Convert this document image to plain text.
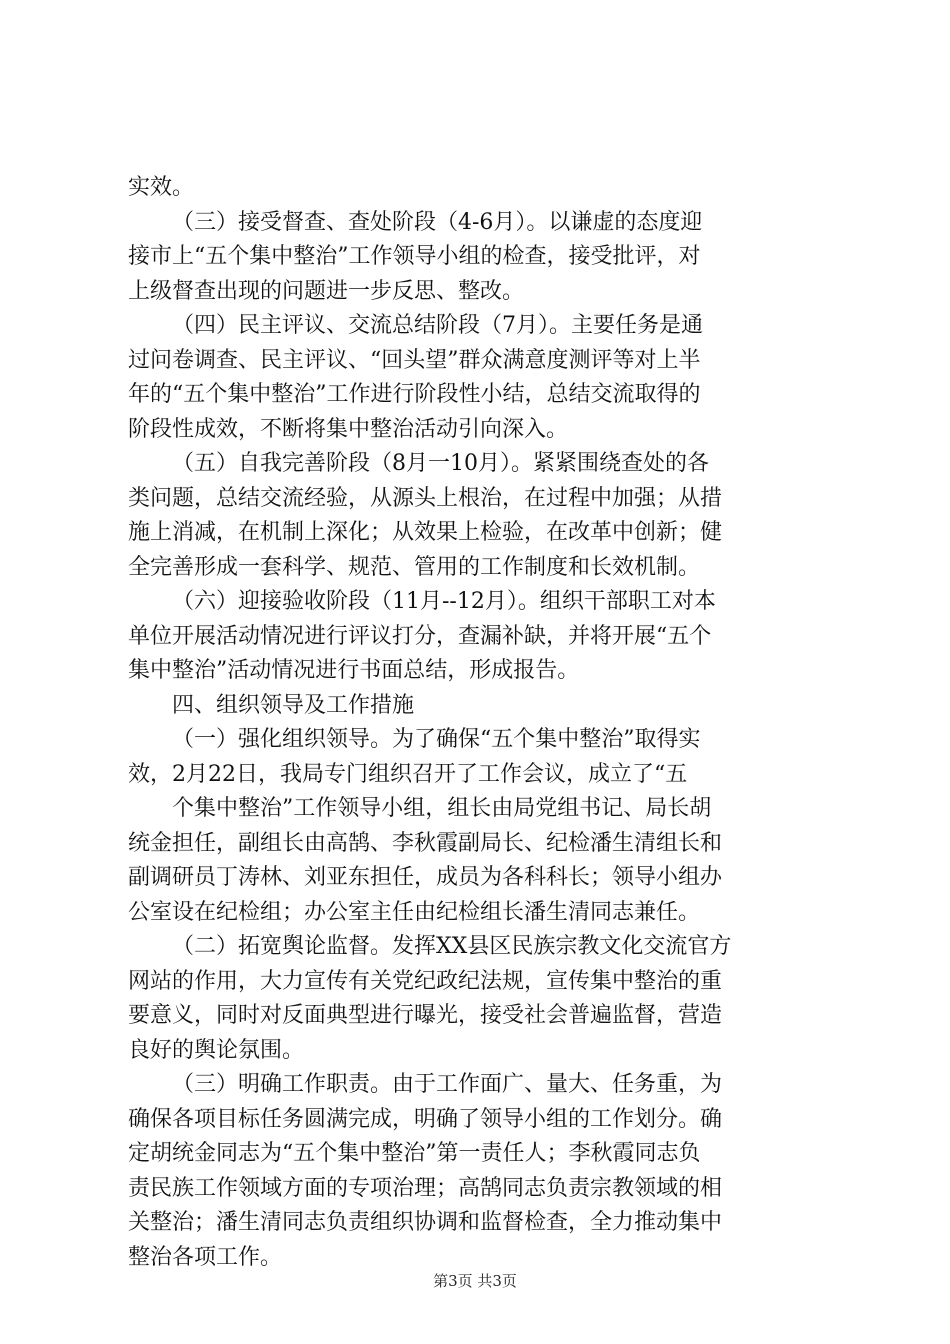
实效。
（三）接受督查、查处阶段（4-6月）。以谦虚的态度迎
接市上“五个集中整治”工作领导小组的检查，接受批评，对
上级督查出现的问题进一步反思、整改。
（四）民主评议、交流总结阶段（7月）。主要任务是通
过问卷调查、民主评议、“回头望”群众满意度测评等对上半
年的“五个集中整治”工作进行阶段性小结，总结交流取得的
阶段性成效，不断将集中整治活动引向深入。
（五）自我完善阶段（8月一10月）。紧紧围绕查处的各
类问题，总结交流经验，从源头上根治，在过程中加强；从措
施上消减，在机制上深化；从效果上检验，在改革中创新；健
全完善形成一套科学、规范、管用的工作制度和长效机制。
（六）迎接验收阶段（11月--12月）。组织干部职工对本
单位开展活动情况进行评议打分，查漏补缺，并将开展“五个
集中整治”活动情况进行书面总结，形成报告。
四、组织领导及工作措施
（一）强化组织领导。为了确保“五个集中整治”取得实
效，2月22日，我局专门组织召开了工作会议，成立了“五
个集中整治”工作领导小组，组长由局党组书记、局长胡
统金担任，副组长由高鹄、李秋霞副局长、纪检潘生清组长和
副调研员丁涛林、刘亚东担任，成员为各科科长；领导小组办
公室设在纪检组；办公室主任由纪检组长潘生清同志兼任。
（二）拓宽舆论监督。发挥XX县区民族宗教文化交流官方
网站的作用，大力宣传有关党纪政纪法规，宣传集中整治的重
要意义，同时对反面典型进行曝光，接受社会普遍监督，营造
良好的舆论氛围。
（三）明确工作职责。由于工作面广、量大、任务重，为
确保各项目标任务圆满完成，明确了领导小组的工作划分。确
定胡统金同志为“五个集中整治”第一责任人；李秋霞同志负
责民族工作领域方面的专项治理；高鹄同志负责宗教领域的相
关整治；潘生清同志负责组织协调和监督检查，全力推动集中
整治各项工作。
第3页 共3页
